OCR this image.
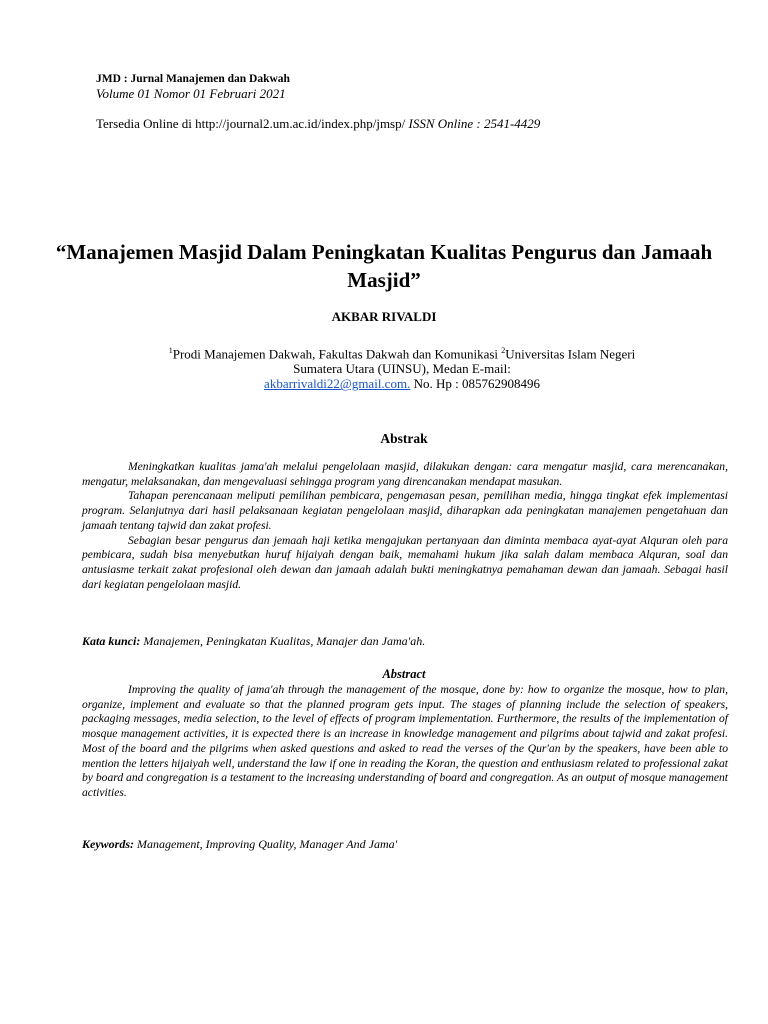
JMD : Jurnal Manajemen dan Dakwah
Volume 01 Nomor 01 Februari 2021
Tersedia Online di http://journal2.um.ac.id/index.php/jmsp/ ISSN Online : 2541-4429
“Manajemen Masjid Dalam Peningkatan Kualitas Pengurus dan Jamaah Masjid”
AKBAR RIVALDI
$^1$Prodi Manajemen Dakwah, Fakultas Dakwah dan Komunikasi $^2$Universitas Islam Negeri Sumatera Utara (UINSU), Medan E-mail:
akbarrivaldi22@gmail.com. No. Hp : 085762908496
Abstrak

Meningkatkan kualitas jama'ah melalui pengelolaan masjid, dilakukan dengan: cara mengatur masjid, cara merencanakan, mengatur, melaksanakan, dan mengevaluasi sehingga program yang direncanakan mendapat masukan.

Tahapan perencanaan meliputi pemilihan pembicara, pengemasan pesan, pemilihan media, hingga tingkat efek implementasi program. Selanjutnya dari hasil pelaksanaan kegiatan pengelolaan masjid, diharapkan ada peningkatan manajemen pengetahuan dan jamaah tentang tajwid dan zakat profesi.

Sebagian besar pengurus dan jemaah haji ketika mengajukan pertanyaan dan diminta membaca ayat-ayat Alquran oleh para pembicara, sudah bisa menyebutkan huruf hijaiyah dengan baik, memahami hukum jika salah dalam membaca Alquran, soal dan antusiasme terkait zakat profesional oleh dewan dan jamaah adalah bukti meningkatnya pemahaman dewan dan jamaah. Sebagai hasil dari kegiatan pengelolaan masjid.

Kata kunci: Manajemen, Peningkatan Kualitas, Manajer dan Jama'ah.
Abstract

Improving the quality of jama'ah through the management of the mosque, done by: how to organize the mosque, how to plan, organize, implement and evaluate so that the planned program gets input. The stages of planning include the selection of speakers, packaging messages, media selection, to the level of effects of program implementation. Furthermore, the results of the implementation of mosque management activities, it is expected there is an increase in knowledge management and pilgrims about tajwid and zakat profesi. Most of the board and the pilgrims when asked questions and asked to read the verses of the Qur'an by the speakers, have been able to mention the letters hijaiyah well, understand the law if one in reading the Koran, the question and enthusiasm related to professional zakat by board and congregation is a testament to the increasing understanding of board and congregation. As an output of mosque management activities.

Keywords: Management, Improving Quality, Manager And Jama'
